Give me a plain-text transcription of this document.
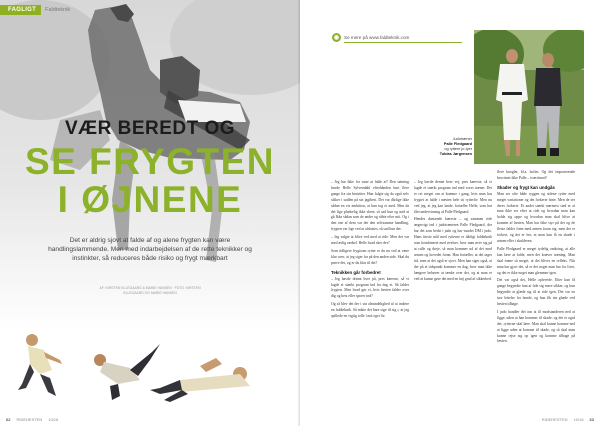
FAGLIGT	Faldteknik
VÆR BEREDT OG
SE FRYGTEN
I ØJNENE
Det er aldrig sjovt at falde af og alene frygten kan være handlingslammende. Men med indarbejdelsen af de rette teknikker og instinkter, så reduceres både risiko og frygt mærkbart
AF: KIRSTEN ELLEGAARD & MARIE HANSEN · FOTO: KIRSTEN ELLEGAARD OG MARIE HANSEN
62 RIDEHESTEN 10/16
◉	Se mere på www.faldteknik.com
Judotræner
Palle Fledgaard
og ryttere jo-tyer
Tobias Jørgensen

– Jeg har ikke for vane at falde af! Den sætning havde Helle Sylvendahl efterhånden hørt flere gange fra sin bestøtter. Hun fulgte sig da også selv sikker i sadlen på sin jagthest. Det var dårlige ikke sådan en vis ambition, at hun tog et med. Men da det lige pludselig ikke skete, så sad hun og nød at gå Ikke sådan som de andre og råbte efter mit. Og i den ene af dem var det den selvsamme handling, frygten var lige ved at afsluttes, så sad hun der.

– Jeg valgte at blive ved med at ride. Men det var med ærlig rædsel. Helle hvad sker der?

Som tidligere frygtsom rytter er du nu ved at være klar over, at jeg siger fra på den anden side. Skal du prøve det, og er du klar til det?

Teknikken går forbedret

– Jeg havde drømt hver på, pres kæreste, så vi lagde et stærkt program ind fra dag et. Så falder frygten. Men hvad gør vi, hvis hesten falder over dig og hest eller sporer ind?

Og så blev det der i sin almindelighed af at indøve en faldteknik. Så måtte det bare sige til sig i, at jeg spillede en vigtig rolle i mit eget liv.

– Jeg havde denne hver vej, pres kæreste, så vi lagde et stærkt program ind med vores træner. Det er ret meget om at komme i gang, hvis man har frygtet at falde i næsten hele sit rytterliv. Men nu ved jeg, at jeg kan lande, fortæller Helle, som har fået undervisning af Palle Fledgaard.

Hendes dansende kæreste – og sammen ride ærgerrigt ind i judotræneren Palle Fledgaard, der har det som bedst i judo og har vundet DM i judo. Hans første mål med rytterne er dårligt faldteknik som kombineret med øvelser, hvor man øver sig på at rulle og dreje, så man kommer ud af det med armen og hovedet foran. Han fortæller, at det tager tid, men at det også er sjovt. Men han siger også, at der på et tidspunkt kommer en dag, hvor man ikke længere behøver at tænke over det, og at man er ved at kunne gøre det med en høj grad af sikkerhed.

flere knogler, bl.a. hofter. Og det imponerende besvimet ikke Palle – tværtimod!

Skader og frygt kan undgås

Man ser ofte både ryggen og sidene rytter med meget variationer og det forkerte førte. Men de ser deres forkerte. Et andet stærkt nærmest sted er at man ikke ser efter at ride og hvordan man kan holde sig oppe og hvordan man skal blive at komme af hesten. Man har ikke styr på det og de fleste falder frem med armen foran sig, men det er forkert, og det er her, at man kan få en skade i armen eller i skulderen.

Palle Fledgaard er meget tydelig omkring, at alle kan lære at falde, men det kræver træning. Man skal træne så meget, at det bliver en refleks. Når man har gjort det, så er det noget man har for livet, og det er ikke noget man glemmer igen.

Det var også det, Helle oplevede. Efter kun få gange begyndte hun at føle sig mere sikker, og hun begyndte at glæde sig til at ride igen. Det var en stor lettelse for hende, og hun fik sin glæde ved hesten tilbage.

I judo handler det om at få modstanderen ned at ligge, uden at han kommer til skade, og det er også det, rytterne skal lære. Man skal kunne komme ned at ligge uden at komme til skade, og så skal man kunne rejse sig op igen og komme tilbage på hesten.

RIDEHESTEN 10/16 63
